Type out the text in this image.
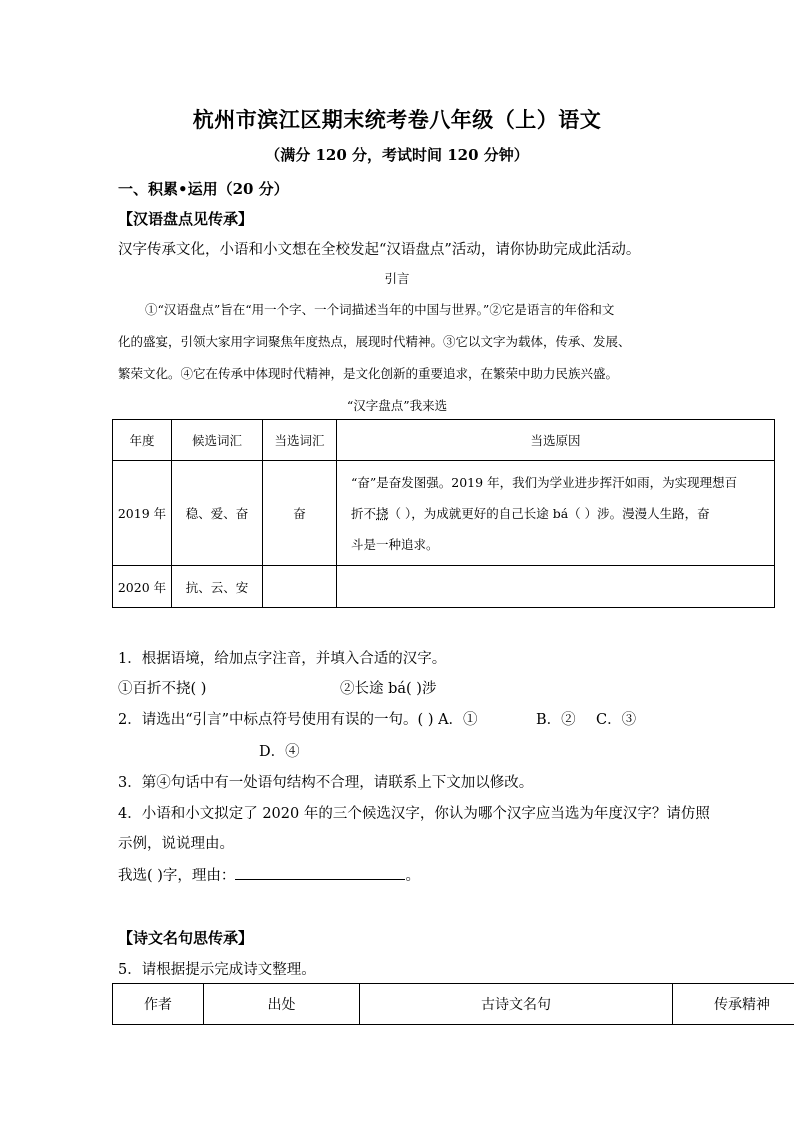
杭州市滨江区期末统考卷八年级（上）语文
（满分 120 分，考试时间 120 分钟）
一、积累•运用（20 分）
【汉语盘点见传承】
汉字传承文化，小语和小文想在全校发起“汉语盘点”活动，请你协助完成此活动。
引言
①“汉语盘点”旨在“用一个字、一个词描述当年的中国与世界。”②它是语言的年俗和文
化的盛宴，引领大家用字词聚焦年度热点，展现时代精神。③它以文字为载体，传承、发展、
繁荣文化。④它在传承中体现时代精神，是文化创新的重要追求，在繁荣中助力民族兴盛。
“汉字盘点”我来选
年度	候选词汇	当选词汇	当选原因
2019 年	稳、爱、奋	奋	“奋”是奋发图强。2019 年，我们为学业进步挥汗如雨，为实现理想百
折不挠（ ），为成就更好的自己长途 bá（ ）涉。漫漫人生路，奋
斗是一种追求。
2020 年	抗、云、安		
1．根据语境，给加点字注音，并填入合适的汉字。
①百折不挠( )	②长途 bá( )涉
2．请选出“引言”中标点符号使用有误的一句。( ) A．①	B．② C．③
D．④
3．第④句话中有一处语句结构不合理，请联系上下文加以修改。
4．小语和小文拟定了 2020 年的三个候选汉字，你认为哪个汉字应当选为年度汉字？请仿照
示例，说说理由。
我选( )字，理由：	。
【诗文名句思传承】
5．请根据提示完成诗文整理。
作者	出处	古诗文名句	传承精神
